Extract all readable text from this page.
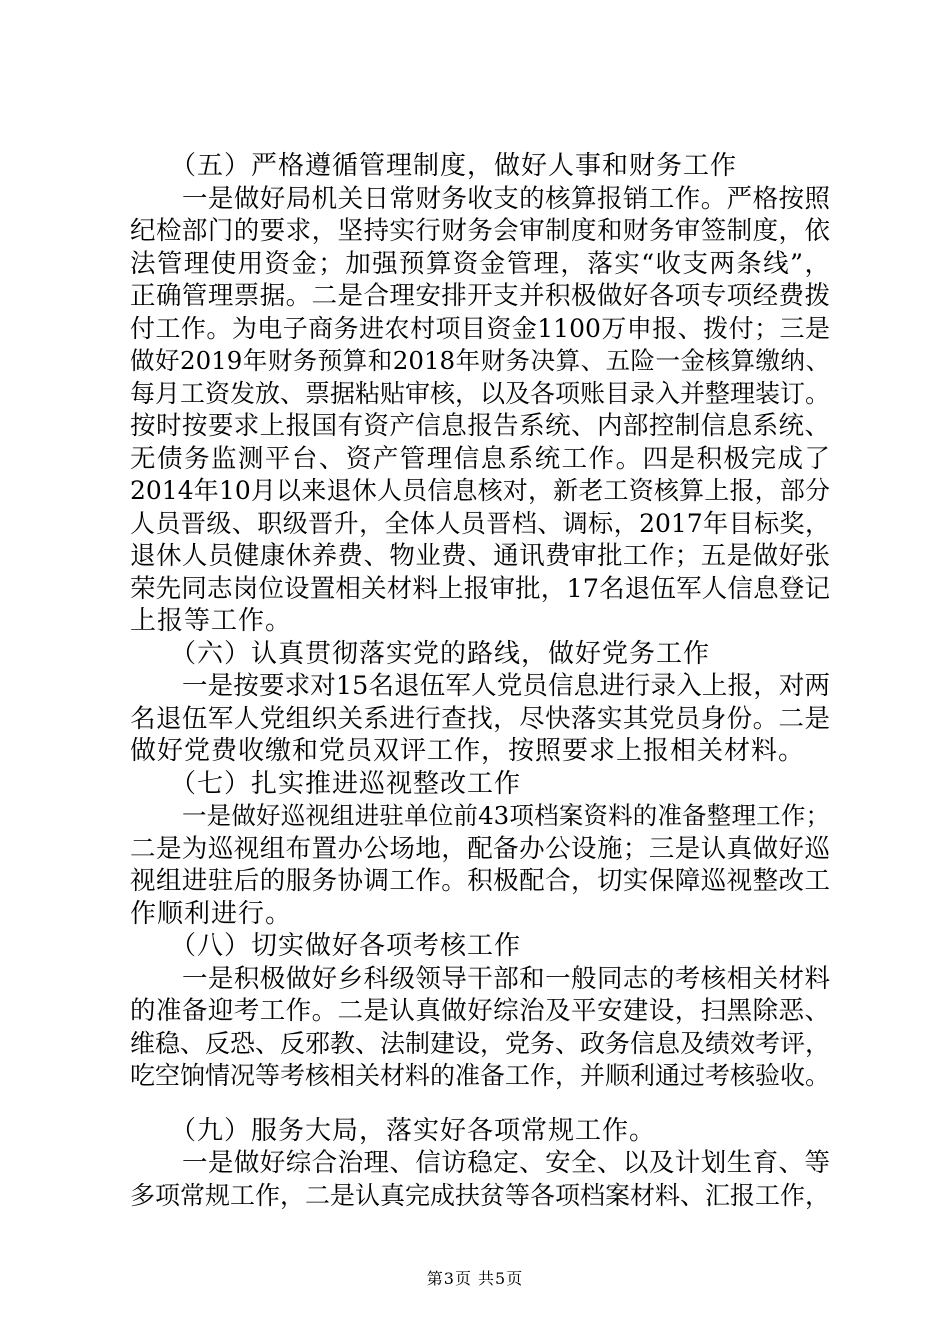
（五）严格遵循管理制度，做好人事和财务工作
一是做好局机关日常财务收支的核算报销工作。严格按照
纪检部门的要求，坚持实行财务会审制度和财务审签制度，依
法管理使用资金；加强预算资金管理，落实“收支两条线”，
正确管理票据。二是合理安排开支并积极做好各项专项经费拨
付工作。为电子商务进农村项目资金1100万申报、拨付；三是
做好2019年财务预算和2018年财务决算、五险一金核算缴纳、
每月工资发放、票据粘贴审核，以及各项账目录入并整理装订。
按时按要求上报国有资产信息报告系统、内部控制信息系统、
无债务监测平台、资产管理信息系统工作。四是积极完成了
2014年10月以来退休人员信息核对，新老工资核算上报，部分
人员晋级、职级晋升，全体人员晋档、调标，2017年目标奖，
退休人员健康休养费、物业费、通讯费审批工作；五是做好张
荣先同志岗位设置相关材料上报审批，17名退伍军人信息登记
上报等工作。
（六）认真贯彻落实党的路线，做好党务工作
一是按要求对15名退伍军人党员信息进行录入上报，对两
名退伍军人党组织关系进行查找，尽快落实其党员身份。二是
做好党费收缴和党员双评工作，按照要求上报相关材料。
（七）扎实推进巡视整改工作
一是做好巡视组进驻单位前43项档案资料的准备整理工作；
二是为巡视组布置办公场地，配备办公设施；三是认真做好巡
视组进驻后的服务协调工作。积极配合，切实保障巡视整改工
作顺利进行。
（八）切实做好各项考核工作
一是积极做好乡科级领导干部和一般同志的考核相关材料
的准备迎考工作。二是认真做好综治及平安建设，扫黑除恶、
维稳、反恐、反邪教、法制建设，党务、政务信息及绩效考评，
吃空饷情况等考核相关材料的准备工作，并顺利通过考核验收。
（九）服务大局，落实好各项常规工作。
一是做好综合治理、信访稳定、安全、以及计划生育、等
多项常规工作，二是认真完成扶贫等各项档案材料、汇报工作，
第3页 共5页
